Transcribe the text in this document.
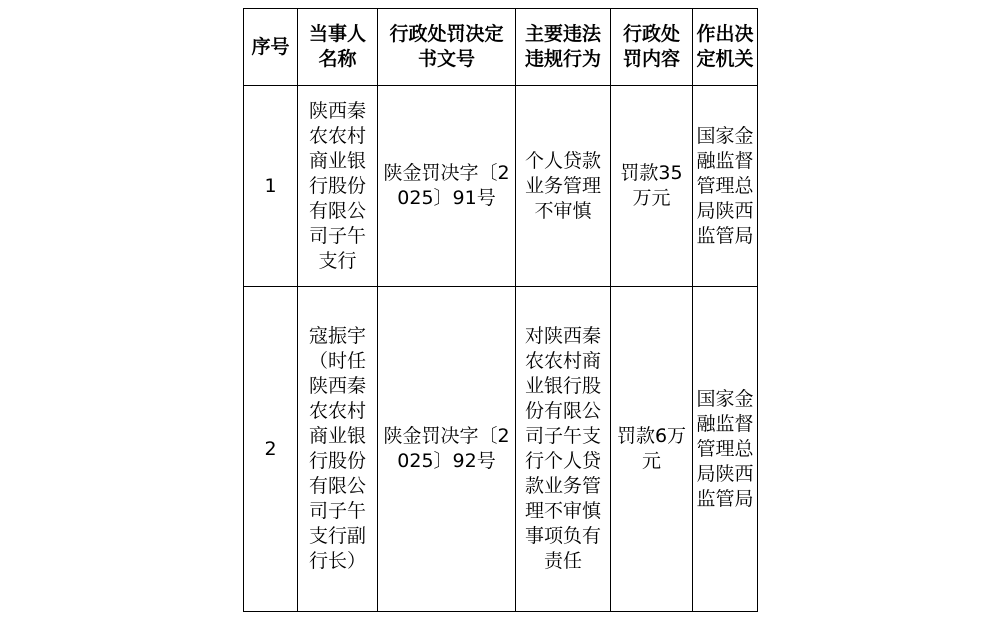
序号	当事人名称	行政处罚决定书文号	主要违法违规行为	行政处罚内容	作出决定机关
1	陕西秦农农村商业银行股份有限公司子午支行	陕金罚决字〔2025〕91号	个人贷款业务管理不审慎	罚款35万元	国家金融监督管理总局陕西监管局
2	寇振宇（时任陕西秦农农村商业银行股份有限公司子午支行副行长）	陕金罚决字〔2025〕92号	对陕西秦农农村商业银行股份有限公司子午支行个人贷款业务管理不审慎事项负有责任	罚款6万元	国家金融监督管理总局陕西监管局
